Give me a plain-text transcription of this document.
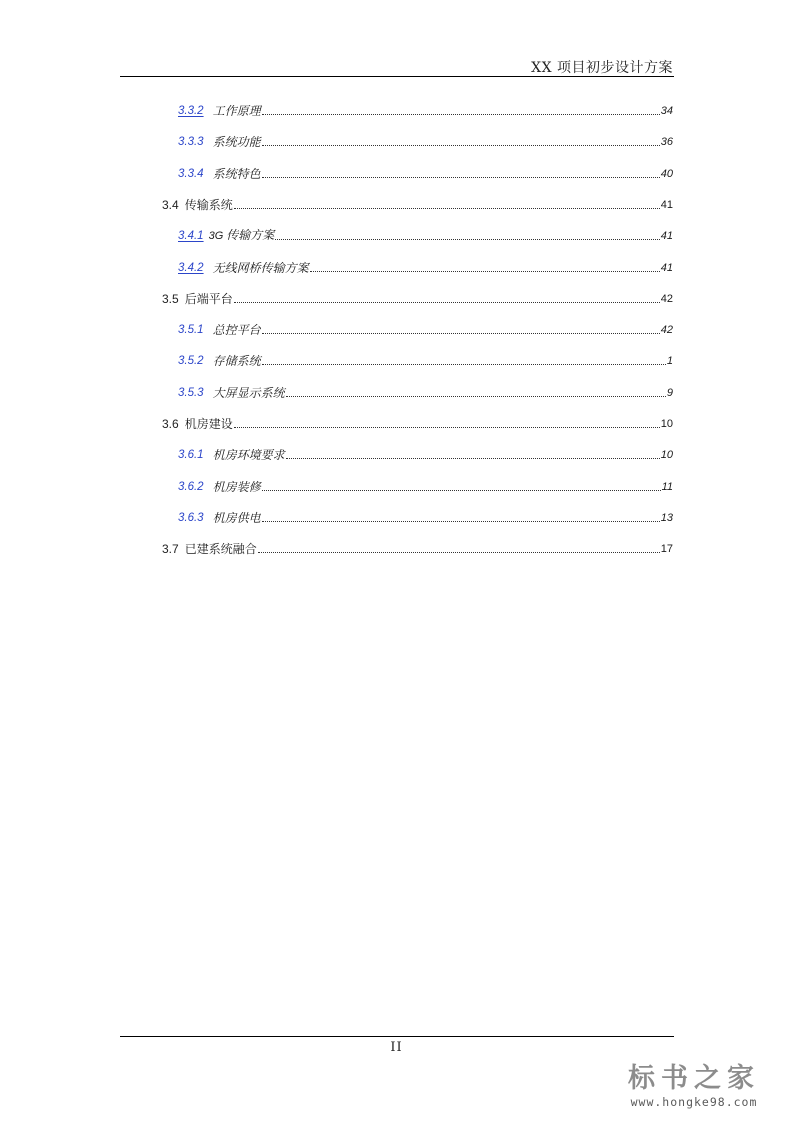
XX 项目初步设计方案
3.3.2 工作原理	34
3.3.3 系统功能	36
3.3.4 系统特色	40
3.4 传输系统	41
3.4.1 3G 传输方案	41
3.4.2 无线网桥传输方案	41
3.5 后端平台	42
3.5.1 总控平台	42
3.5.2 存储系统	1
3.5.3 大屏显示系统	9
3.6 机房建设	10
3.6.1 机房环境要求	10
3.6.2 机房装修	11
3.6.3 机房供电	13
3.7 已建系统融合	17
II
标书之家
www.hongke98.com
